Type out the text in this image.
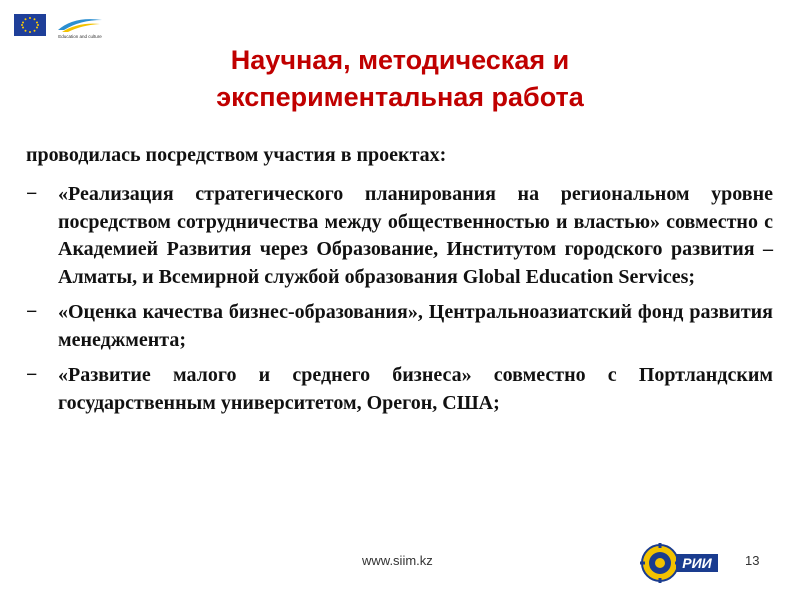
Education and culture
Научная, методическая и
экспериментальная работа
проводилась посредством участия в проектах:
− «Реализация стратегического планирования на региональном уровне посредством сотрудничества между общественностью и властью» совместно с Академией Развития через Образование, Институтом городского развития – Алматы, и Всемирной службой образования Global Education Services;
− «Оценка качества бизнес-образования», Центральноазиатский фонд развития менеджмента;
− «Развитие малого и среднего бизнеса» совместно с Портландским государственным университетом, Орегон, США;
www.siim.kz	РИИ	13
